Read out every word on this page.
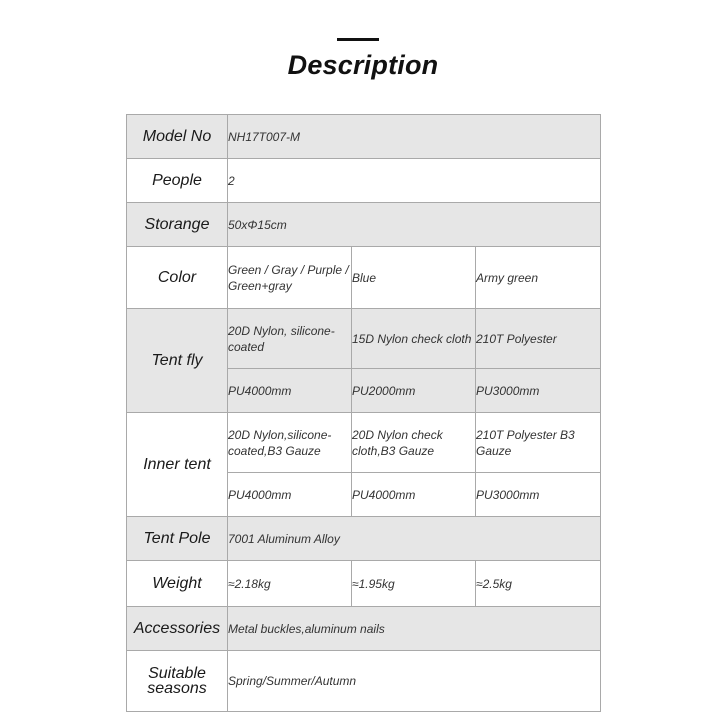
Description
Model No	NH17T007-M		
People	2		
Storange	50xΦ15cm		
Color	Green / Gray / Purple / Green+gray	Blue	Army green
Tent fly	20D Nylon, silicone-coated	15D Nylon check cloth	210T Polyester
	PU4000mm	PU2000mm	PU3000mm
Inner tent	20D Nylon,silicone-coated,B3 Gauze	20D Nylon check cloth,B3 Gauze	210T Polyester B3 Gauze
	PU4000mm	PU4000mm	PU3000mm
Tent Pole	7001 Aluminum Alloy		
Weight	≈2.18kg	≈1.95kg	≈2.5kg
Accessories	Metal buckles,aluminum nails		
Suitable seasons	Spring/Summer/Autumn		
